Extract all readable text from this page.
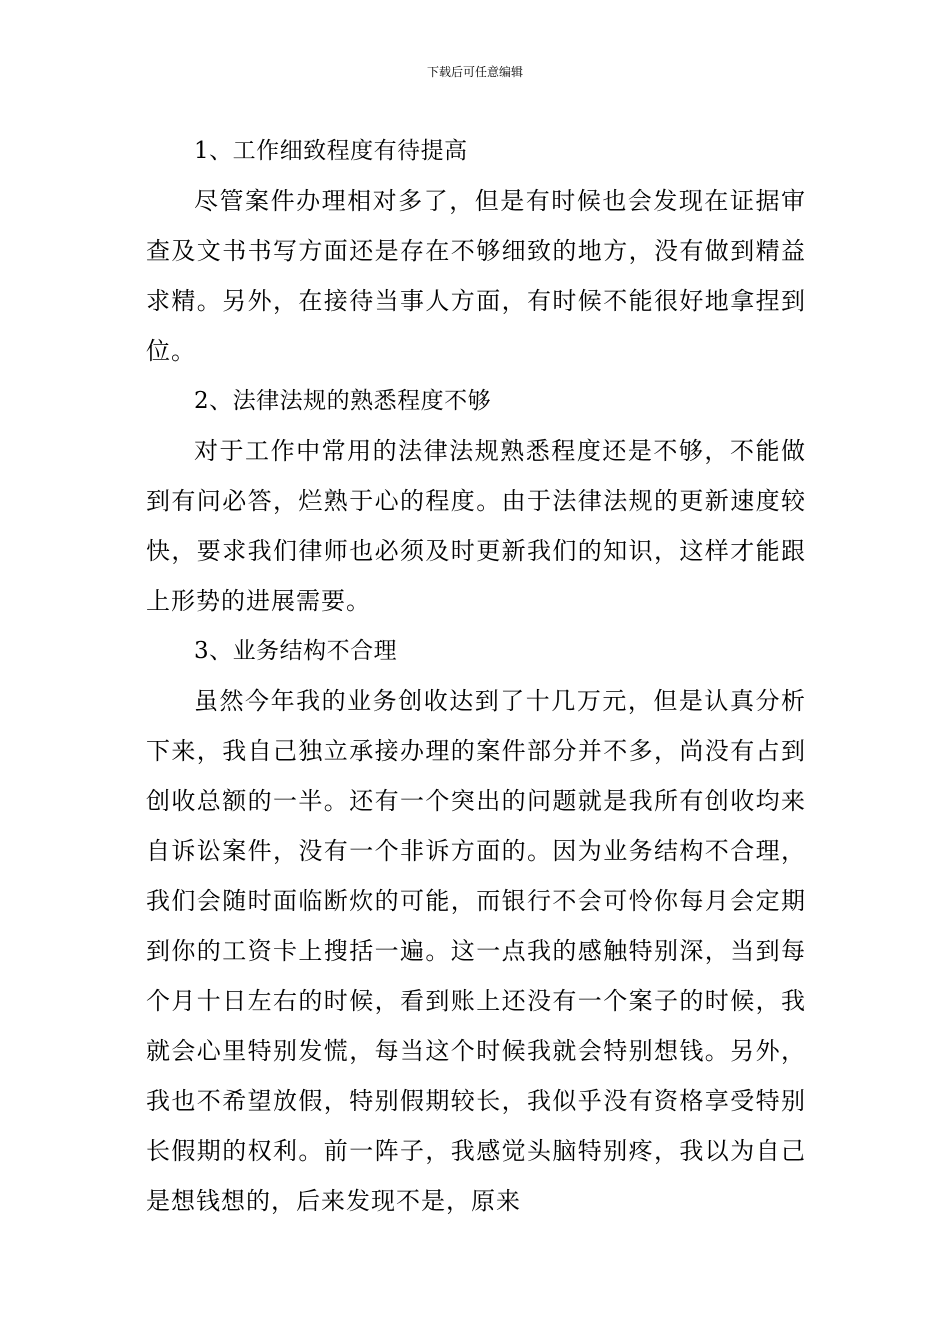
下载后可任意编辑

1、工作细致程度有待提高

尽管案件办理相对多了，但是有时候也会发现在证据审查及文书书写方面还是存在不够细致的地方，没有做到精益求精。另外，在接待当事人方面，有时候不能很好地拿捏到位。

2、法律法规的熟悉程度不够

对于工作中常用的法律法规熟悉程度还是不够，不能做到有问必答，烂熟于心的程度。由于法律法规的更新速度较快，要求我们律师也必须及时更新我们的知识，这样才能跟上形势的进展需要。

3、业务结构不合理

虽然今年我的业务创收达到了十几万元，但是认真分析下来，我自己独立承接办理的案件部分并不多，尚没有占到创收总额的一半。还有一个突出的问题就是我所有创收均来自诉讼案件，没有一个非诉方面的。因为业务结构不合理，我们会随时面临断炊的可能，而银行不会可怜你每月会定期到你的工资卡上搜括一遍。这一点我的感触特别深，当到每个月十日左右的时候，看到账上还没有一个案子的时候，我就会心里特别发慌，每当这个时候我就会特别想钱。另外，我也不希望放假，特别假期较长，我似乎没有资格享受特别长假期的权利。前一阵子，我感觉头脑特别疼，我以为自己是想钱想的，后来发现不是，原来
